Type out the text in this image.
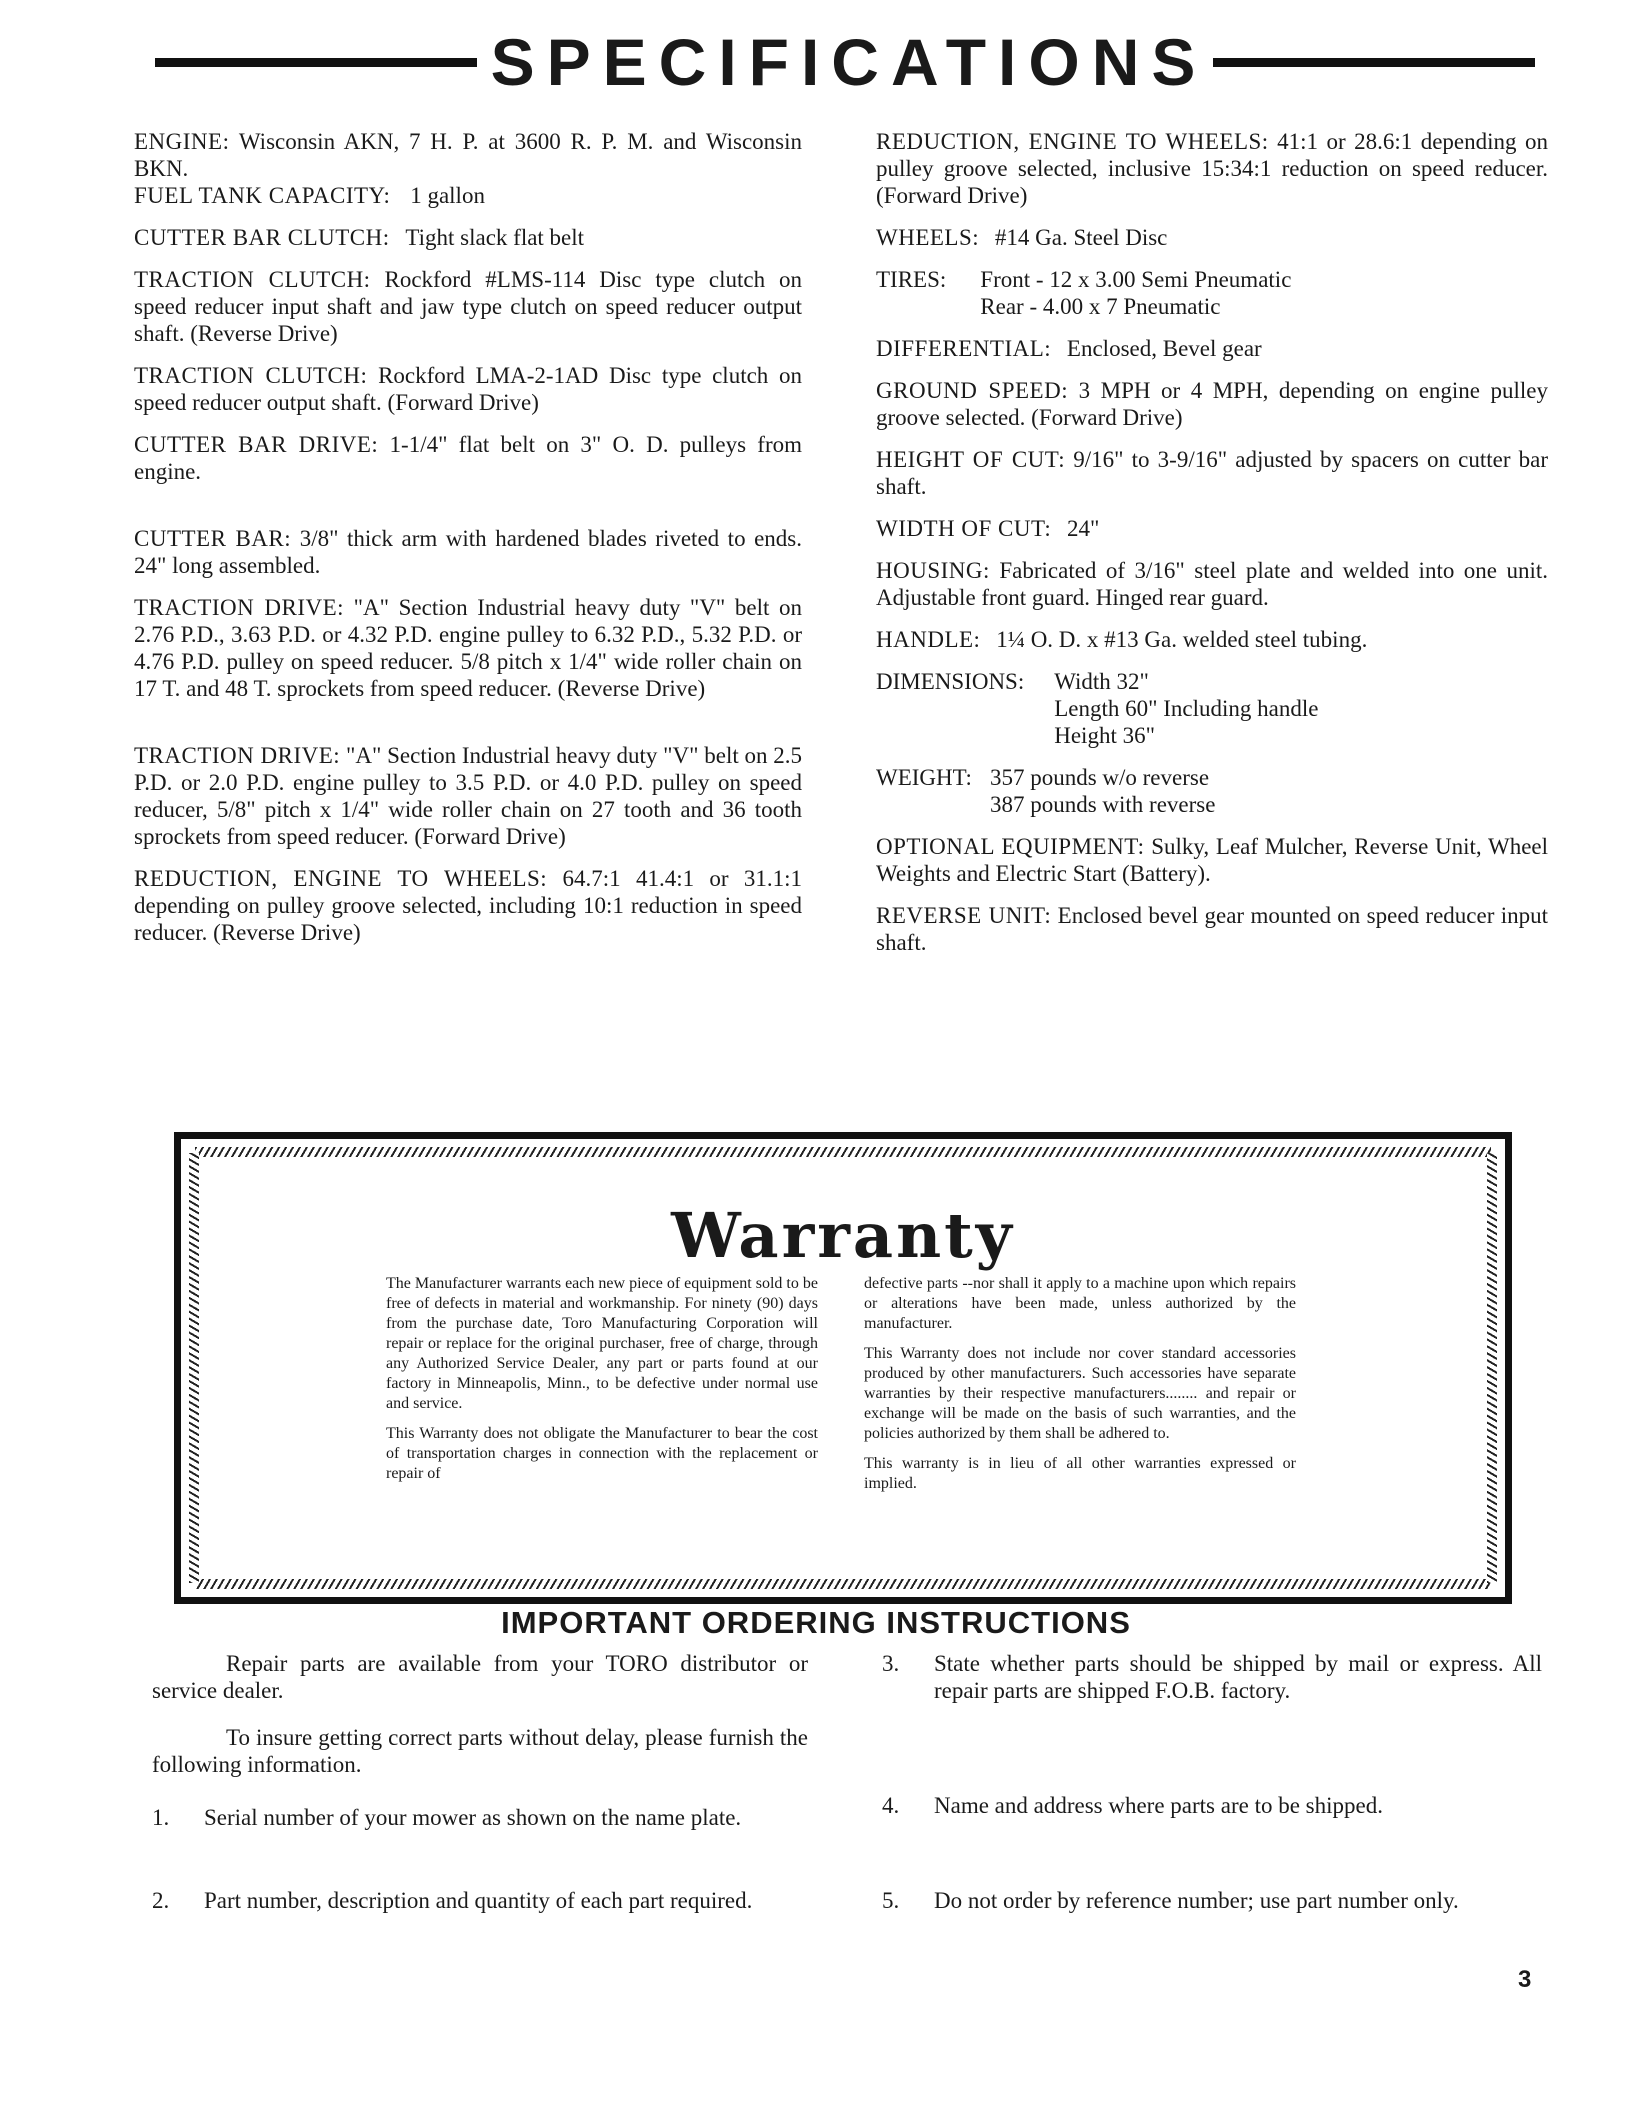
SPECIFICATIONS
ENGINE: Wisconsin AKN, 7 H. P. at 3600 R. P. M. and Wisconsin BKN.
FUEL TANK CAPACITY: 1 gallon
CUTTER BAR CLUTCH: Tight slack flat belt
TRACTION CLUTCH: Rockford #LMS-114 Disc type clutch on speed reducer input shaft and jaw type clutch on speed reducer output shaft. (Reverse Drive)
TRACTION CLUTCH: Rockford LMA-2-1AD Disc type clutch on speed reducer output shaft. (Forward Drive)
CUTTER BAR DRIVE: 1-1/4" flat belt on 3" O. D. pulleys from engine.
CUTTER BAR: 3/8" thick arm with hardened blades riveted to ends. 24" long assembled.
TRACTION DRIVE: "A" Section Industrial heavy duty "V" belt on 2.76 P.D., 3.63 P.D. or 4.32 P.D. engine pulley to 6.32 P.D., 5.32 P.D. or 4.76 P.D. pulley on speed reducer. 5/8 pitch x 1/4" wide roller chain on 17 T. and 48 T. sprockets from speed reducer. (Reverse Drive)
TRACTION DRIVE: "A" Section Industrial heavy duty "V" belt on 2.5 P.D. or 2.0 P.D. engine pulley to 3.5 P.D. or 4.0 P.D. pulley on speed reducer, 5/8" pitch x 1/4" wide roller chain on 27 tooth and 36 tooth sprockets from speed reducer. (Forward Drive)
REDUCTION, ENGINE TO WHEELS: 64.7:1 41.4:1 or 31.1:1 depending on pulley groove selected, including 10:1 reduction in speed reducer. (Reverse Drive)
REDUCTION, ENGINE TO WHEELS: 41:1 or 28.6:1 depending on pulley groove selected, inclusive 15:34:1 reduction on speed reducer. (Forward Drive)
WHEELS: #14 Ga. Steel Disc
TIRES: Front - 12 x 3.00 Semi Pneumatic
Rear - 4.00 x 7 Pneumatic
DIFFERENTIAL: Enclosed, Bevel gear
GROUND SPEED: 3 MPH or 4 MPH, depending on engine pulley groove selected. (Forward Drive)
HEIGHT OF CUT: 9/16" to 3-9/16" adjusted by spacers on cutter bar shaft.
WIDTH OF CUT: 24"
HOUSING: Fabricated of 3/16" steel plate and welded into one unit. Adjustable front guard. Hinged rear guard.
HANDLE: 1¼ O. D. x #13 Ga. welded steel tubing.
DIMENSIONS: Width 32"
Length 60" Including handle
Height 36"
WEIGHT: 357 pounds w/o reverse
387 pounds with reverse
OPTIONAL EQUIPMENT: Sulky, Leaf Mulcher, Reverse Unit, Wheel Weights and Electric Start (Battery).
REVERSE UNIT: Enclosed bevel gear mounted on speed reducer input shaft.
Warranty

The Manufacturer warrants each new piece of equipment sold to be free of defects in material and workmanship. For ninety (90) days from the purchase date, Toro Manufacturing Corporation will repair or replace for the original purchaser, free of charge, through any Authorized Service Dealer, any part or parts found at our factory in Minneapolis, Minn., to be defective under normal use and service.

This Warranty does not obligate the Manufacturer to bear the cost of transportation charges in connection with the replacement or repair of

defective parts --nor shall it apply to a machine upon which repairs or alterations have been made, unless authorized by the manufacturer.

This Warranty does not include nor cover standard accessories produced by other manufacturers. Such accessories have separate warranties by their respective manufacturers........ and repair or exchange will be made on the basis of such warranties, and the policies authorized by them shall be adhered to.

This warranty is in lieu of all other warranties expressed or implied.

IMPORTANT ORDERING INSTRUCTIONS

Repair parts are available from your TORO distributor or service dealer.

To insure getting correct parts without delay, please furnish the following information.

1.	Serial number of your mower as shown on the name plate.
2.	Part number, description and quantity of each part required.
3.	State whether parts should be shipped by mail or express. All repair parts are shipped F.O.B. factory.
4.	Name and address where parts are to be shipped.
5.	Do not order by reference number; use part number only.
3
